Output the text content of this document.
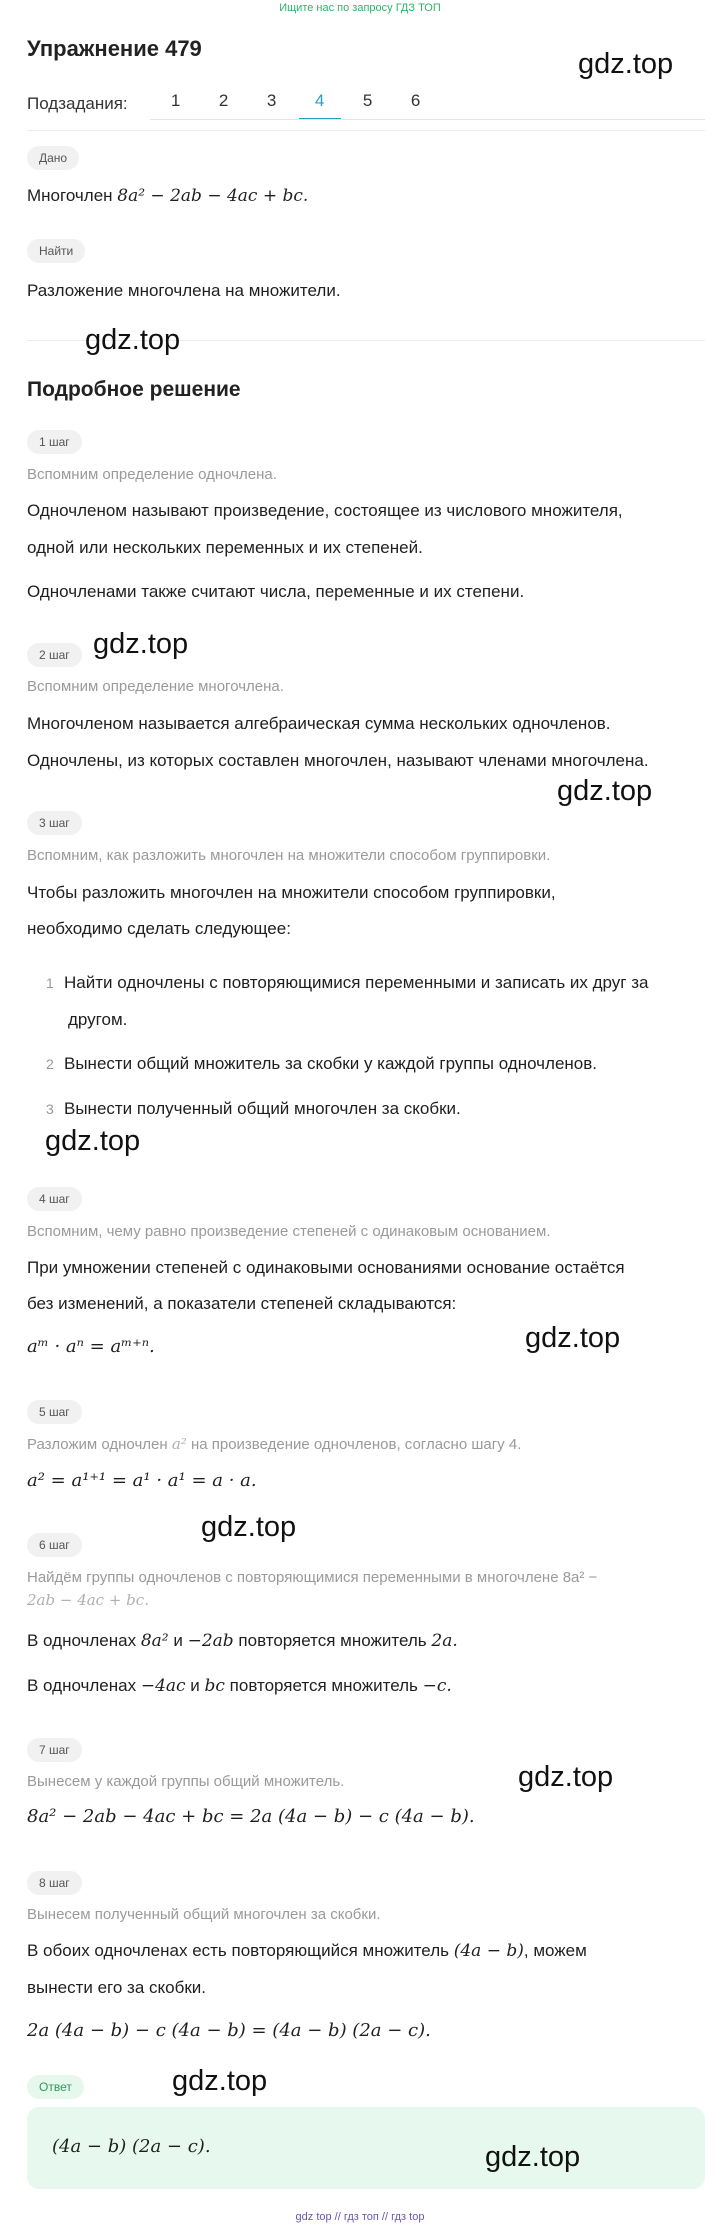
Ищите нас по запросу ГДЗ ТОП
Упражнение 479
Подзадания:	1	2	3	4	5	6
Дано
Многочлен 8a² − 2ab − 4ac + bc.
Найти
Разложение многочлена на множители.
Подробное решение
1 шаг
Вспомним определение одночлена.
Одночленом называют произведение, состоящее из числового множителя,
одной или нескольких переменных и их степеней.
Одночленами также считают числа, переменные и их степени.
2 шаг
Вспомним определение многочлена.
Многочленом называется алгебраическая сумма нескольких одночленов.
Одночлены, из которых составлен многочлен, называют членами многочлена.
3 шаг
Вспомним, как разложить многочлен на множители способом группировки.
Чтобы разложить многочлен на множители способом группировки,
необходимо сделать следующее:
1 Найти одночлены с повторяющимися переменными и записать их друг за
другом.
2 Вынести общий множитель за скобки у каждой группы одночленов.
3 Вынести полученный общий многочлен за скобки.
4 шаг
Вспомним, чему равно произведение степеней с одинаковым основанием.
При умножении степеней с одинаковыми основаниями основание остаётся
без изменений, а показатели степеней складываются:
aᵐ · aⁿ = aᵐ⁺ⁿ.
5 шаг
Разложим одночлен a² на произведение одночленов, согласно шагу 4.
a² = a¹⁺¹ = a¹ · a¹ = a · a.
6 шаг
Найдём группы одночленов с повторяющимися переменными в многочлене 8a² −
2ab − 4ac + bc.
В одночленах 8a² и −2ab повторяется множитель 2a.
В одночленах −4ac и bc повторяется множитель −c.
7 шаг
Вынесем у каждой группы общий множитель.
8a² − 2ab − 4ac + bc = 2a (4a − b) − c (4a − b).
8 шаг
Вынесем полученный общий многочлен за скобки.
В обоих одночленах есть повторяющийся множитель (4a − b), можем
вынести его за скобки.
2a (4a − b) − c (4a − b) = (4a − b) (2a − c).
Ответ
(4a − b) (2a − c).
gdz.top
gdz.top
gdz.top
gdz.top
gdz.top
gdz.top
gdz.top
gdz.top
gdz.top
gdz.top
gdz top // гдз топ // гдз top
